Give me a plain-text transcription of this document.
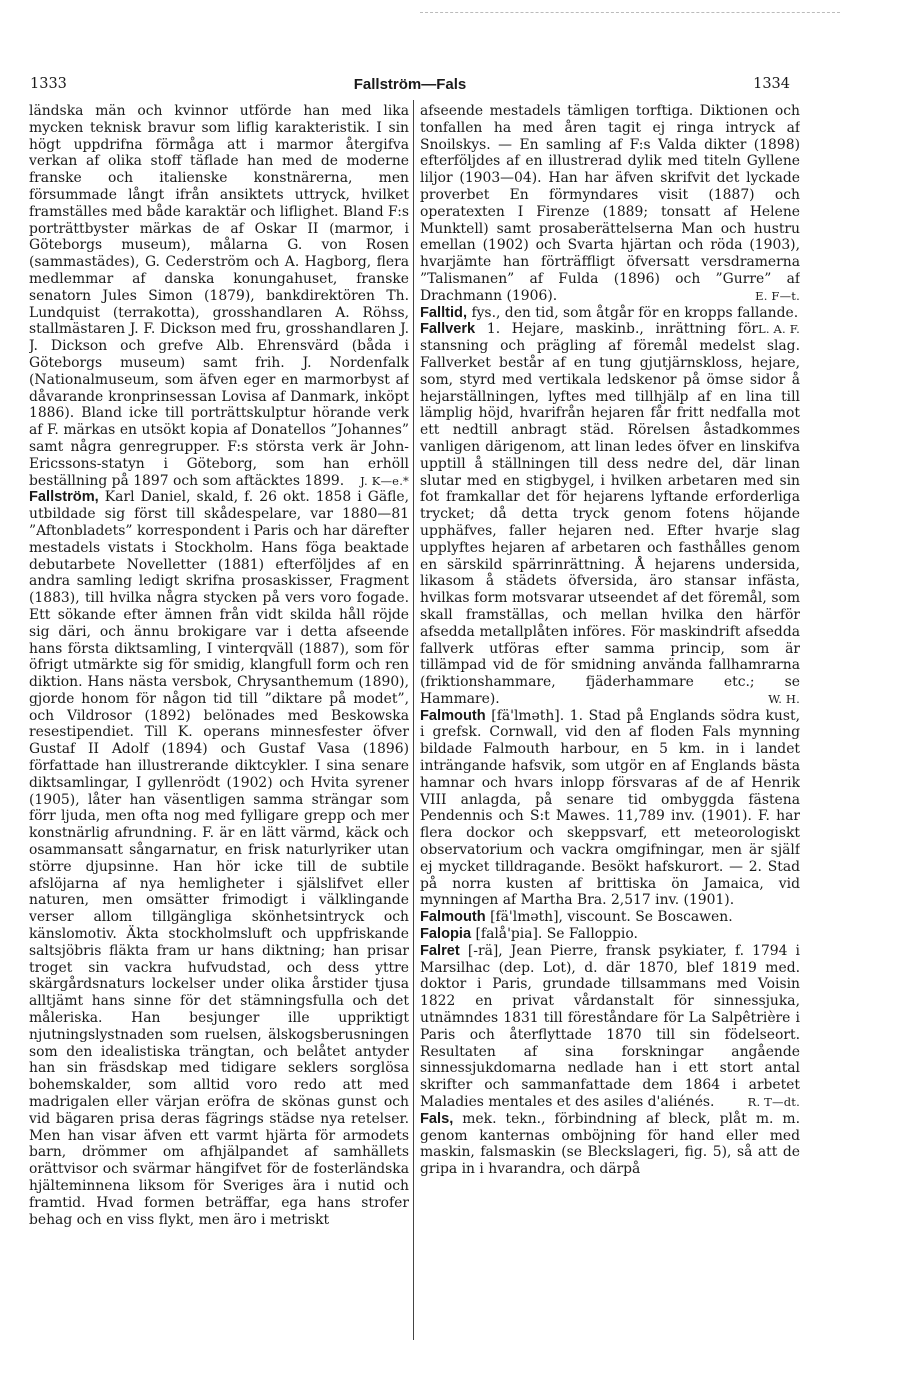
1333	Fallström—Fals	1334

ländska män och kvinnor utförde han med lika mycken teknisk bravur som liflig karakteristik. I sin högt uppdrifna förmåga att i marmor återgifva verkan af olika stoff täflade han med de moderne franske och italienske konstnärerna, men försummade långt ifrån ansiktets uttryck, hvilket framställes med både karaktär och liflighet. Bland F:s porträttbyster märkas de af Oskar II (marmor, i Göteborgs museum), målarna G. von Rosen (sammastädes), G. Cederström och A. Hagborg, flera medlemmar af danska konungahuset, franske senatorn Jules Simon (1879), bankdirektören Th. Lundquist (terrakotta), grosshandlaren A. Röhss, stallmästaren J. F. Dickson med fru, grosshandlaren J. J. Dickson och grefve Alb. Ehrensvärd (båda i Göteborgs museum) samt frih. J. Nordenfalk (Nationalmuseum, som äfven eger en marmorbyst af dåvarande kronprinsessan Lovisa af Danmark, inköpt 1886). Bland icke till porträttskulptur hörande verk af F. märkas en utsökt kopia af Donatellos ”Johannes” samt några genregrupper. F:s största verk är John-Ericssons-statyn i Göteborg, som han erhöll beställning på 1897 och som aftäcktes 1899. J. K—e.*

Fallström, Karl Daniel, skald, f. 26 okt. 1858 i Gäfle, utbildade sig först till skådespelare, var 1880—81 ”Aftonbladets” korrespondent i Paris och har därefter mestadels vistats i Stockholm. Hans föga beaktade debutarbete Novelletter (1881) efterföljdes af en andra samling ledigt skrifna prosaskisser, Fragment (1883), till hvilka några stycken på vers voro fogade. Ett sökande efter ämnen från vidt skilda håll röjde sig däri, och ännu brokigare var i detta afseende hans första diktsamling, I vinterqväll (1887), som för öfrigt utmärkte sig för smidig, klangfull form och ren diktion. Hans nästa versbok, Chrysanthemum (1890), gjorde honom för någon tid till ”diktare på modet”, och Vildrosor (1892) belönades med Beskowska resestipendiet. Till K. operans minnesfester öfver Gustaf II Adolf (1894) och Gustaf Vasa (1896) författade han illustrerande diktcykler. I sina senare diktsamlingar, I gyllenrödt (1902) och Hvita syrener (1905), låter han väsentligen samma strängar som förr ljuda, men ofta nog med fylligare grepp och mer konstnärlig afrundning. F. är en lätt värmd, käck och osammansatt sångarnatur, en frisk naturlyriker utan större djupsinne. Han hör icke till de subtile afslöjarna af nya hemligheter i själslifvet eller naturen, men omsätter frimodigt i välklingande verser allom tillgängliga skönhetsintryck och känslomotiv. Äkta stockholmsluft och uppfriskande saltsjöbris fläkta fram ur hans diktning; han prisar troget sin vackra hufvudstad, och dess yttre skärgårdsnaturs lockelser under olika årstider tjusa alltjämt hans sinne för det stämningsfulla och det måleriska. Han besjunger ille uppriktigt njutningslystnaden som ruelsen, älskogsberusningen som den idealistiska trängtan, och belåtet antyder han sin fräsdskap med tidigare seklers sorglösa bohemskalder, som alltid voro redo att med madrigalen eller värjan eröfra de skönas gunst och vid bägaren prisa deras fägrings städse nya retelser. Men han visar äfven ett varmt hjärta för armodets barn, drömmer om afhjälpandet af samhällets orättvisor och svärmar hängifvet för de fosterländska hjälteminnena liksom för Sveriges ära i nutid och framtid. Hvad formen beträffar, ega hans strofer behag och en viss flykt, men äro i metriskt

afseende mestadels tämligen torftiga. Diktionen och tonfallen ha med åren tagit ej ringa intryck af Snoilskys. — En samling af F:s Valda dikter (1898) efterföljdes af en illustrerad dylik med titeln Gyllene liljor (1903—04). Han har äfven skrifvit det lyckade proverbet En förmyndares visit (1887) och operatexten I Firenze (1889; tonsatt af Helene Munktell) samt prosaberättelserna Man och hustru emellan (1902) och Svarta hjärtan och röda (1903), hvarjämte han förträffligt öfversatt versdramerna ”Talismanen” af Fulda (1896) och ”Gurre” af Drachmann (1906).	E. F—t.

Falltid, fys., den tid, som åtgår för en kropps fallande.
L. A. F.

Fallverk 1. Hejare, maskinb., inrättning för stansning och prägling af föremål medelst slag. Fallverket består af en tung gjutjärnskloss, hejare, som, styrd med vertikala ledskenor på ömse sidor å hejarställningen, lyftes med tillhjälp af en lina till lämplig höjd, hvarifrån hejaren får fritt nedfalla mot ett nedtill anbragt städ. Rörelsen åstadkommes vanligen därigenom, att linan ledes öfver en linskifva upptill å ställningen till dess nedre del, där linan slutar med en stigbygel, i hvilken arbetaren med sin fot framkallar det för hejarens lyftande erforderliga trycket; då detta tryck genom fotens höjande upphäfves, faller hejaren ned. Efter hvarje slag upplyftes hejaren af arbetaren och fasthålles genom en särskild spärrinrättning. Å hejarens undersida, likasom å städets öfversida, äro stansar infästa, hvilkas form motsvarar utseendet af det föremål, som skall framställas, och mellan hvilka den härför afsedda metallplåten införes. För maskindrift afsedda fallverk utföras efter samma princip, som är tillämpad vid de för smidning använda fallhamrarna (friktionshammare, fjäderhammare etc.; se Hammare).	W. H.

Falmouth [fä'lməth]. 1. Stad på Englands södra kust, i grefsk. Cornwall, vid den af floden Fals mynning bildade Falmouth harbour, en 5 km. in i landet inträngande hafsvik, som utgör en af Englands bästa hamnar och hvars inlopp försvaras af de af Henrik VIII anlagda, på senare tid ombyggda fästena Pendennis och S:t Mawes. 11,789 inv. (1901). F. har flera dockor och skeppsvarf, ett meteorologiskt observatorium och vackra omgifningar, men är själf ej mycket tilldragande. Besökt hafskurort. — 2. Stad på norra kusten af brittiska ön Jamaica, vid mynningen af Martha Bra. 2,517 inv. (1901).

Falmouth [fä'lməth], viscount. Se Boscawen.

Falopia [falå'pia]. Se Falloppio.

Falret [-rä], Jean Pierre, fransk psykiater, f. 1794 i Marsilhac (dep. Lot), d. där 1870, blef 1819 med. doktor i Paris, grundade tillsammans med Voisin 1822 en privat vårdanstalt för sinnessjuka, utnämndes 1831 till föreståndare för La Salpêtrière i Paris och återflyttade 1870 till sin födelseort. Resultaten af sina forskningar angående sinnessjukdomarna nedlade han i ett stort antal skrifter och sammanfattade dem 1864 i arbetet Maladies mentales et des asiles d'aliénés.	R. T—dt.

Fals, mek. tekn., förbindning af bleck, plåt m. m. genom kanternas omböjning för hand eller med maskin, falsmaskin (se Bleckslageri, fig. 5), så att de gripa in i hvarandra, och därpå
